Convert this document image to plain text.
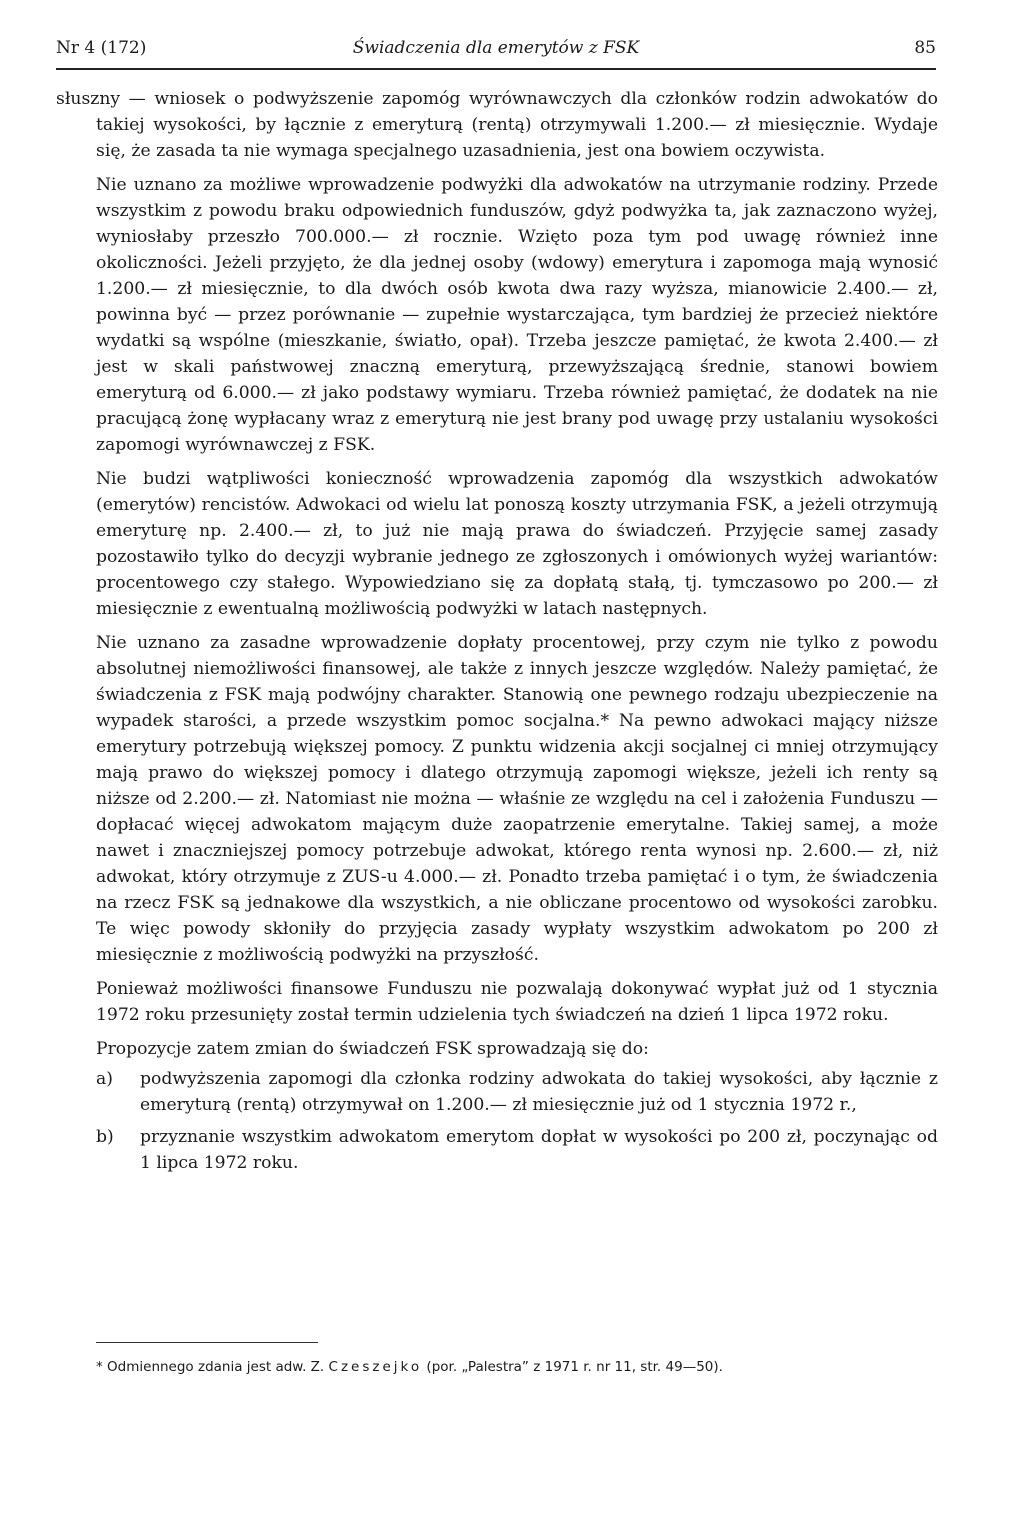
Nr 4 (172)	Świadczenia dla emerytów z FSK	85

słuszny — wniosek o podwyższenie zapomóg wyrównawczych dla członków rodzin adwokatów do takiej wysokości, by łącznie z emeryturą (rentą) otrzymywali 1.200.— zł miesięcznie. Wydaje się, że zasada ta nie wymaga specjalnego uzasadnienia, jest ona bowiem oczywista.

Nie uznano za możliwe wprowadzenie podwyżki dla adwokatów na utrzymanie rodziny. Przede wszystkim z powodu braku odpowiednich funduszów, gdyż podwyżka ta, jak zaznaczono wyżej, wyniosłaby przeszło 700.000.— zł rocznie. Wzięto poza tym pod uwagę również inne okoliczności. Jeżeli przyjęto, że dla jednej osoby (wdowy) emerytura i zapomoga mają wynosić 1.200.— zł miesięcznie, to dla dwóch osób kwota dwa razy wyższa, mianowicie 2.400.— zł, powinna być — przez porównanie — zupełnie wystarczająca, tym bardziej że przecież niektóre wydatki są wspólne (mieszkanie, światło, opał). Trzeba jeszcze pamiętać, że kwota 2.400.— zł jest w skali państwowej znaczną emeryturą, przewyższającą średnie, stanowi bowiem emeryturą od 6.000.— zł jako podstawy wymiaru. Trzeba również pamiętać, że dodatek na nie pracującą żonę wypłacany wraz z emeryturą nie jest brany pod uwagę przy ustalaniu wysokości zapomogi wyrównawczej z FSK.

Nie budzi wątpliwości konieczność wprowadzenia zapomóg dla wszystkich adwokatów (emerytów) rencistów. Adwokaci od wielu lat ponoszą koszty utrzymania FSK, a jeżeli otrzymują emeryturę np. 2.400.— zł, to już nie mają prawa do świadczeń. Przyjęcie samej zasady pozostawiło tylko do decyzji wybranie jednego ze zgłoszonych i omówionych wyżej wariantów: procentowego czy stałego. Wypowiedziano się za dopłatą stałą, tj. tymczasowo po 200.— zł miesięcznie z ewentualną możliwością podwyżki w latach następnych.

Nie uznano za zasadne wprowadzenie dopłaty procentowej, przy czym nie tylko z powodu absolutnej niemożliwości finansowej, ale także z innych jeszcze względów. Należy pamiętać, że świadczenia z FSK mają podwójny charakter. Stanowią one pewnego rodzaju ubezpieczenie na wypadek starości, a przede wszystkim pomoc socjalna.* Na pewno adwokaci mający niższe emerytury potrzebują większej pomocy. Z punktu widzenia akcji socjalnej ci mniej otrzymujący mają prawo do większej pomocy i dlatego otrzymują zapomogi większe, jeżeli ich renty są niższe od 2.200.— zł. Natomiast nie można — właśnie ze względu na cel i założenia Funduszu — dopłacać więcej adwokatom mającym duże zaopatrzenie emerytalne. Takiej samej, a może nawet i znaczniejszej pomocy potrzebuje adwokat, którego renta wynosi np. 2.600.— zł, niż adwokat, który otrzymuje z ZUS-u 4.000.— zł. Ponadto trzeba pamiętać i o tym, że świadczenia na rzecz FSK są jednakowe dla wszystkich, a nie obliczane procentowo od wysokości zarobku. Te więc powody skłoniły do przyjęcia zasady wypłaty wszystkim adwokatom po 200 zł miesięcznie z możliwością podwyżki na przyszłość.

Ponieważ możliwości finansowe Funduszu nie pozwalają dokonywać wypłat już od 1 stycznia 1972 roku przesunięty został termin udzielenia tych świadczeń na dzień 1 lipca 1972 roku.

Propozycje zatem zmian do świadczeń FSK sprowadzają się do:

a) podwyższenia zapomogi dla członka rodziny adwokata do takiej wysokości, aby łącznie z emeryturą (rentą) otrzymywał on 1.200.— zł miesięcznie już od 1 stycznia 1972 r.,
b) przyznanie wszystkim adwokatom emerytom dopłat w wysokości po 200 zł, poczynając od 1 lipca 1972 roku.
* Odmiennego zdania jest adw. Z. Czeszejko (por. „Palestra” z 1971 r. nr 11, str. 49—50).
